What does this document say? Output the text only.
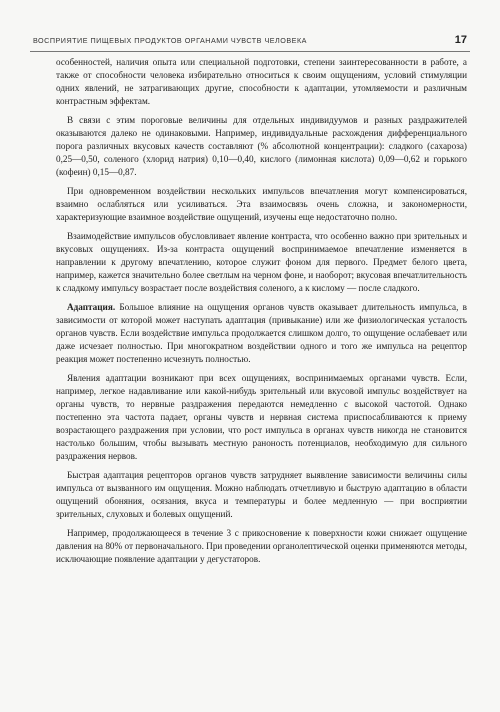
ВОСПРИЯТИЕ ПИЩЕВЫХ ПРОДУКТОВ ОРГАНАМИ ЧУВСТВ ЧЕЛОВЕКА	17

особенностей, наличия опыта или специальной подготовки, степени заинтересованности в работе, а также от способности человека избирательно относиться к своим ощущениям, условий стимуляции одних явлений, не затрагивающих другие, способности к адаптации, утомляемости и различным контрастным эффектам.

В связи с этим пороговые величины для отдельных индивидуумов и разных раздражителей оказываются далеко не одинаковыми. Например, индивидуальные расхождения дифференциального порога различных вкусовых качеств составляют (% абсолютной концентрации): сладкого (сахароза) 0,25—0,50, соленого (хлорид натрия) 0,10—0,40, кислого (лимонная кислота) 0,09—0,62 и горького (кофеин) 0,15—0,87.

При одновременном воздействии нескольких импульсов впечатления могут компенсироваться, взаимно ослабляться или усиливаться. Эта взаимосвязь очень сложна, и закономерности, характеризующие взаимное воздействие ощущений, изучены еще недостаточно полно.

Взаимодействие импульсов обусловливает явление контраста, что особенно важно при зрительных и вкусовых ощущениях. Из-за контраста ощущений воспринимаемое впечатление изменяется в направлении к другому впечатлению, которое служит фоном для первого. Предмет белого цвета, например, кажется значительно более светлым на черном фоне, и наоборот; вкусовая впечатлительность к сладкому импульсу возрастает после воздействия соленого, а к кислому — после сладкого.

Адаптация. Большое влияние на ощущения органов чувств оказывает длительность импульса, в зависимости от которой может наступать адаптация (привыкание) или же физиологическая усталость органов чувств. Если воздействие импульса продолжается слишком долго, то ощущение ослабевает или даже исчезает полностью. При многократном воздействии одного и того же импульса на рецептор реакция может постепенно исчезнуть полностью.

Явления адаптации возникают при всех ощущениях, воспринимаемых органами чувств. Если, например, легкое надавливание или какой-нибудь зрительный или вкусовой импульс воздействует на органы чувств, то нервные раздражения передаются немедленно с высокой частотой. Однако постепенно эта частота падает, органы чувств и нервная система приспосабливаются к приему возрастающего раздражения при условии, что рост импульса в органах чувств никогда не становится настолько большим, чтобы вызывать местную раноность потенциалов, необходимую для сильного раздражения нервов.

Быстрая адаптация рецепторов органов чувств затрудняет выявление зависимости величины силы импульса от вызванного им ощущения. Можно наблюдать отчетливую и быструю адаптацию в области ощущений обоняния, осязания, вкуса и температуры и более медленную — при восприятии зрительных, слуховых и болевых ощущений.

Например, продолжающееся в течение 3 с прикосновение к поверхности кожи снижает ощущение давления на 80% от первоначального. При проведении органолептической оценки применяются методы, исключающие появление адаптации у дегустаторов.
